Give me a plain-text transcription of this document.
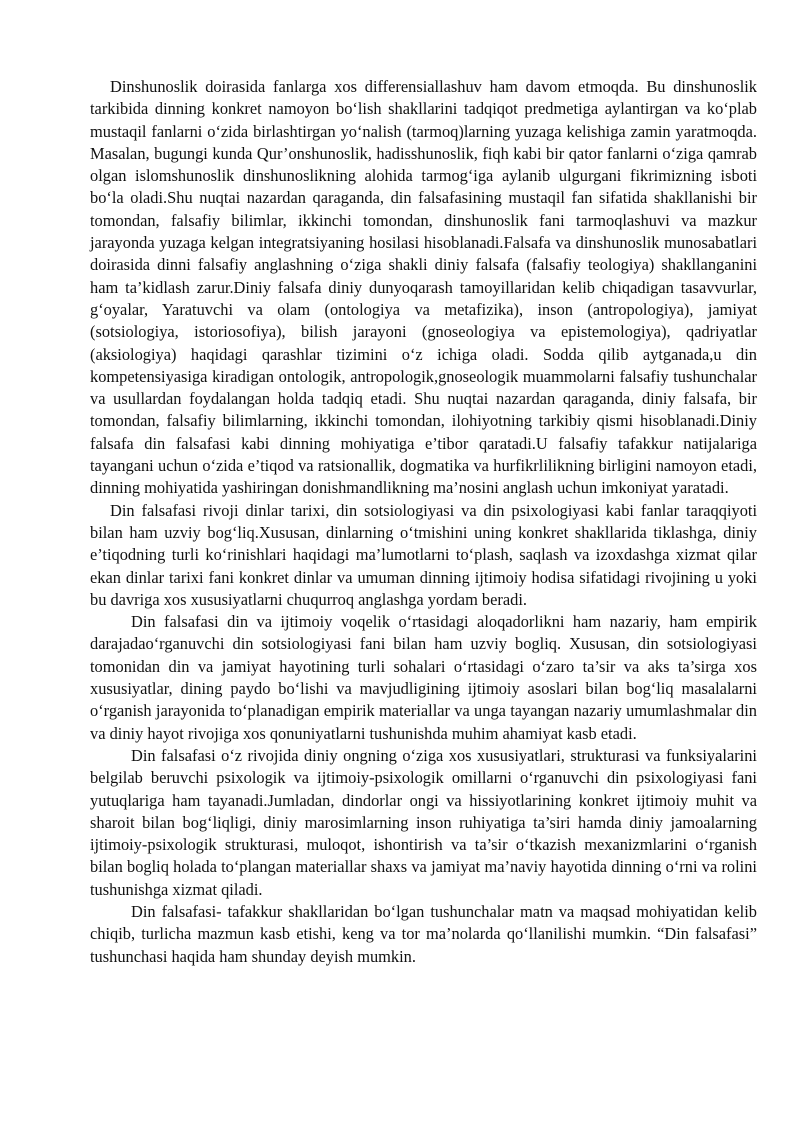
Dinshunoslik doirasida fanlarga xos differensiallashuv ham davom etmoqda. Bu dinshunoslik tarkibida dinning konkret namoyon bo‘lish shakllarini tadqiqot predmetiga aylantirgan va ko‘plab mustaqil fanlarni o‘zida birlashtirgan yo‘nalish (tarmoq)larning yuzaga kelishiga zamin yaratmoqda. Masalan, bugungi kunda Qur’onshunoslik, hadisshunoslik, fiqh kabi bir qator fanlarni o‘ziga qamrab olgan islomshunoslik dinshunoslikning alohida tarmog‘iga aylanib ulgurgani fikrimizning isboti bo‘la oladi.Shu nuqtai nazardan qaraganda, din falsafasining mustaqil fan sifatida shakllanishi bir tomondan, falsafiy bilimlar, ikkinchi tomondan, dinshunoslik fani tarmoqlashuvi va mazkur jarayonda yuzaga kelgan integratsiyaning hosilasi hisoblanadi.Falsafa va dinshunoslik munosabatlari doirasida dinni falsafiy anglashning o‘ziga shakli diniy falsafa (falsafiy teologiya) shakllanganini ham ta’kidlash zarur.Diniy falsafa diniy dunyoqarash tamoyillaridan kelib chiqadigan tasavvurlar, g‘oyalar, Yaratuvchi va olam (ontologiya va metafizika), inson (antropologiya), jamiyat (sotsiologiya, istoriosofiya), bilish jarayoni (gnoseologiya va epistemologiya), qadriyatlar (aksiologiya) haqidagi qarashlar tizimini o‘z ichiga oladi. Sodda qilib aytganada,u din kompetensiyasiga kiradigan ontologik, antropologik,gnoseologik muammolarni falsafiy tushunchalar va usullardan foydalangan holda tadqiq etadi. Shu nuqtai nazardan qaraganda, diniy falsafa, bir tomondan, falsafiy bilimlarning, ikkinchi tomondan, ilohiyotning tarkibiy qismi hisoblanadi.Diniy falsafa din falsafasi kabi dinning mohiyatiga e’tibor qaratadi.U falsafiy tafakkur natijalariga tayangani uchun o‘zida e’tiqod va ratsionallik, dogmatika va hurfikrlilikning birligini namoyon etadi, dinning mohiyatida yashiringan donishmandlikning ma’nosini anglash uchun imkoniyat yaratadi.

Din falsafasi rivoji dinlar tarixi, din sotsiologiyasi va din psixologiyasi kabi fanlar taraqqiyoti bilan ham uzviy bog‘liq.Xususan, dinlarning o‘tmishini uning konkret shakllarida tiklashga, diniy e’tiqodning turli ko‘rinishlari haqidagi ma’lumotlarni to‘plash, saqlash va izoxdashga xizmat qilar ekan dinlar tarixi fani konkret dinlar va umuman dinning ijtimoiy hodisa sifatidagi rivojining u yoki bu davriga xos xususiyatlarni chuqurroq anglashga yordam beradi.

Din falsafasi din va ijtimoiy voqelik o‘rtasidagi aloqadorlikni ham nazariy, ham empirik darajadao‘rganuvchi din sotsiologiyasi fani bilan ham uzviy bogliq. Xususan, din sotsiologiyasi tomonidan din va jamiyat hayotining turli sohalari o‘rtasidagi o‘zaro ta’sir va aks ta’sirga xos xususiyatlar, dining paydo bo‘lishi va mavjudligining ijtimoiy asoslari bilan bog‘liq masalalarni o‘rganish jarayonida to‘planadigan empirik materiallar va unga tayangan nazariy umumlashmalar din va diniy hayot rivojiga xos qonuniyatlarni tushunishda muhim ahamiyat kasb etadi.

Din falsafasi o‘z rivojida diniy ongning o‘ziga xos xususiyatlari, strukturasi va funksiyalarini belgilab beruvchi psixologik va ijtimoiy-psixologik omillarni o‘rganuvchi din psixologiyasi fani yutuqlariga ham tayanadi.Jumladan, dindorlar ongi va hissiyotlarining konkret ijtimoiy muhit va sharoit bilan bog‘liqligi, diniy marosimlarning inson ruhiyatiga ta’siri hamda diniy jamoalarning ijtimoiy-psixologik strukturasi, muloqot, ishontirish va ta’sir o‘tkazish mexanizmlarini o‘rganish bilan bogliq holada to‘plangan materiallar shaxs va jamiyat ma’naviy hayotida dinning o‘rni va rolini tushunishga xizmat qiladi.

Din falsafasi- tafakkur shakllaridan bo‘lgan tushunchalar matn va maqsad mohiyatidan kelib chiqib, turlicha mazmun kasb etishi, keng va tor ma’nolarda qo‘llanilishi mumkin. “Din falsafasi” tushunchasi haqida ham shunday deyish mumkin.
